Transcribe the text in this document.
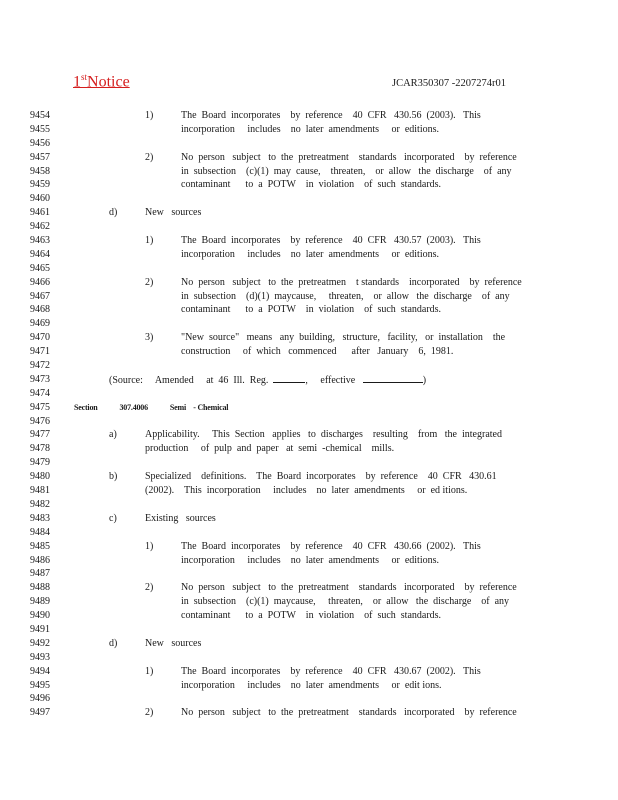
1stNotice	JCAR350307 -2207274r01
9454	1)	The  Board  incorporates    by  reference    40  CFR   430.56  (2003).   This
9455	incorporation     includes    no  later  amendments     or  editions.
9456
9457	2)	No  person   subject   to  the  pretreatment    standards   incorporated    by  reference
9458	in  subsection    (c)(1)  may  cause,    threaten,    or  allow   the  discharge    of  any
9459	contaminant      to  a  POTW    in  violation    of  such  standards.
9460
9461	d)	New   sources
9462
9463	1)	The  Board  incorporates    by  reference    40  CFR   430.57  (2003).   This
9464	incorporation     includes    no  later  amendments     or  editions.
9465
9466	2)	No  person   subject   to  the  pretreatmen    t standards    incorporated    by  reference
9467	in  subsection    (d)(1)  maycause,     threaten,    or  allow   the  discharge    of  any
9468	contaminant      to  a  POTW    in  violation    of  such  standards.
9469
9470	3)	"New  source"   means   any  building,   structure,   facility,   or  installation    the
9471	construction     of  which   commenced      after   January    6,  1981.
9472
9473	(Source:     Amended     at  46  Ill.  Reg.	,     effective	)
9474
9475	Section	307.4006	Semi    - Chemical
9476
9477	a)	Applicability.     This  Section   applies   to  discharges    resulting    from   the  integrated
9478	production     of  pulp  and  paper   at  semi  -chemical    mills.
9479
9480	b)	Specialized    definitions.    The  Board  incorporates    by  reference    40  CFR   430.61
9481	(2002).    This  incorporation     includes    no  later  amendments     or  ed itions.
9482
9483	c)	Existing   sources
9484
9485	1)	The  Board  incorporates    by  reference    40  CFR   430.66  (2002).   This
9486	incorporation     includes    no  later  amendments     or  editions.
9487
9488	2)	No  person   subject   to  the  pretreatment    standards   incorporated    by  reference
9489	in  subsection    (c)(1)  maycause,     threaten,    or  allow   the  discharge    of  any
9490	contaminant      to  a  POTW    in  violation    of  such  standards.
9491
9492	d)	New   sources
9493
9494	1)	The  Board  incorporates    by  reference    40  CFR   430.67  (2002).   This
9495	incorporation     includes    no  later  amendments     or  edit ions.
9496
9497	2)	No  person   subject   to  the  pretreatment    standards   incorporated    by  reference
